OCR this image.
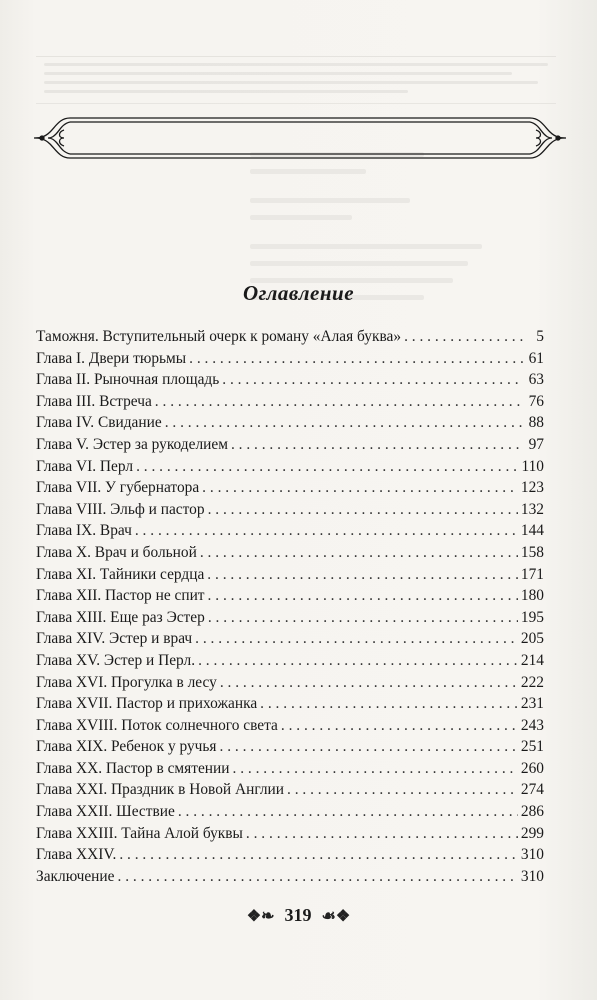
Оглавление
Таможня. Вступительный очерк к роману «Алая буква» . . .	5
Глава I. Двери тюрьмы . . .	61
Глава II. Рыночная площадь . . .	63
Глава III. Встреча . . .	76
Глава IV. Свидание . . .	88
Глава V. Эстер за рукоделием . . .	97
Глава VI. Перл . . .	110
Глава VII. У губернатора . . .	123
Глава VIII. Эльф и пастор . . .	132
Глава IX. Врач . . .	144
Глава X. Врач и больной . . .	158
Глава XI. Тайники сердца . . .	171
Глава XII. Пастор не спит . . .	180
Глава XIII. Еще раз Эстер . . .	195
Глава XIV. Эстер и врач . . .	205
Глава XV. Эстер и Перл. . . .	214
Глава XVI. Прогулка в лесу . . .	222
Глава XVII. Пастор и прихожанка . . .	231
Глава XVIII. Поток солнечного света . . .	243
Глава XIX. Ребенок у ручья . . .	251
Глава XX. Пастор в смятении . . .	260
Глава XXI. Праздник в Новой Англии . . .	274
Глава XXII. Шествие . . .	286
Глава XXIII. Тайна Алой буквы . . .	299
Глава XXIV. . . .	310
Заключение . . .	310
❖❧ 319 ☙❖
